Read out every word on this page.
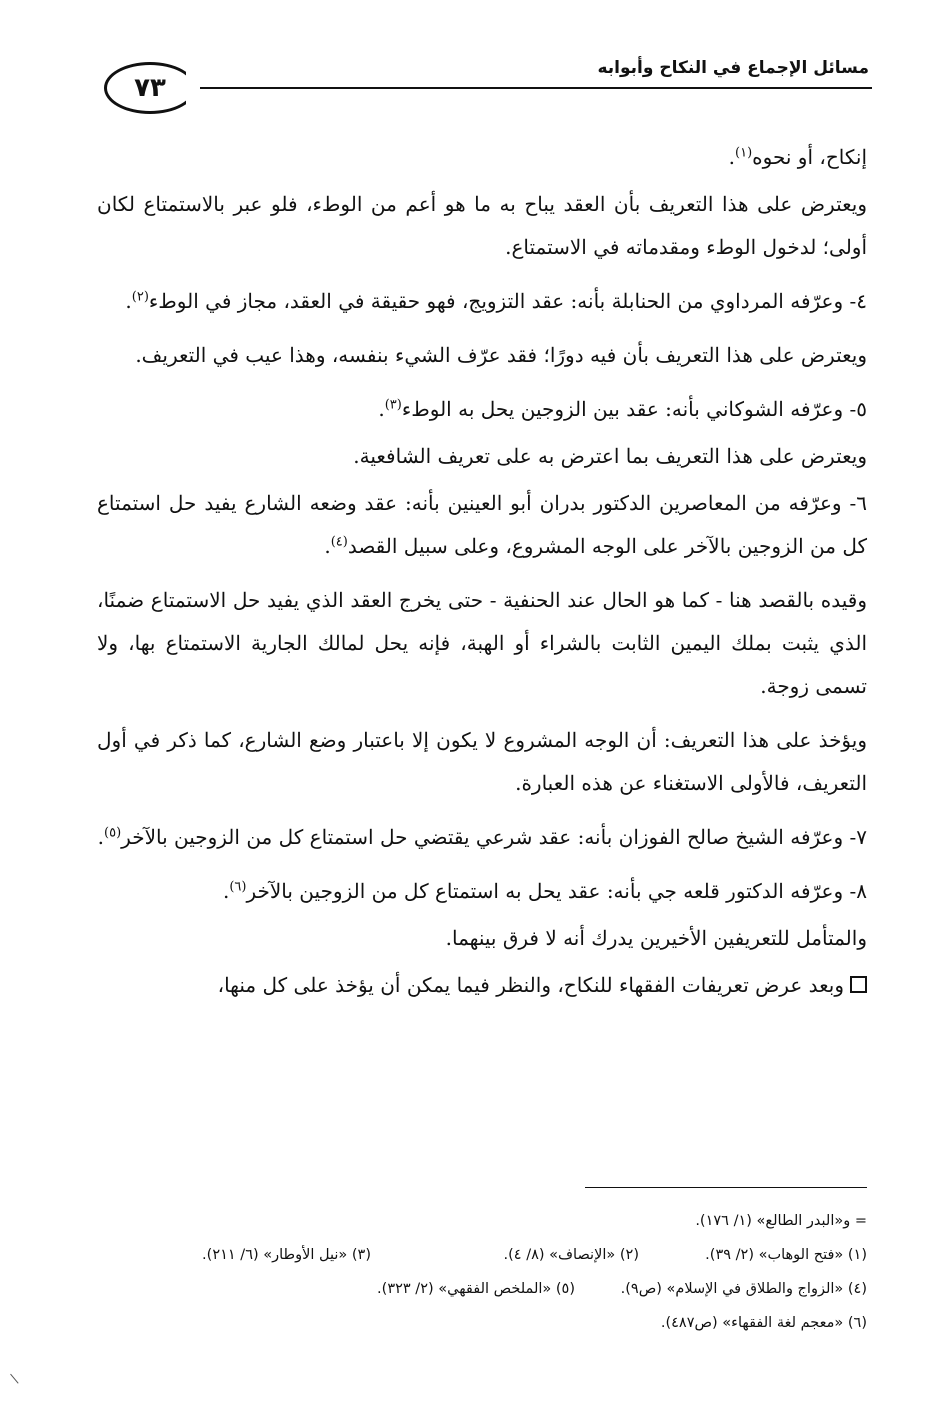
مسائل الإجماع في النكاح وأبوابه
٧٣

إنكاح، أو نحوه$^{(١)}$.

ويعترض على هذا التعريف بأن العقد يباح به ما هو أعم من الوطء، فلو عبر بالاستمتاع لكان أولى؛ لدخول الوطء ومقدماته في الاستمتاع.

٤- وعرّفه المرداوي من الحنابلة بأنه: عقد التزويج، فهو حقيقة في العقد، مجاز في الوطء$^{(٢)}$.

ويعترض على هذا التعريف بأن فيه دورًا؛ فقد عرّف الشيء بنفسه، وهذا عيب في التعريف.

٥- وعرّفه الشوكاني بأنه: عقد بين الزوجين يحل به الوطء$^{(٣)}$.

ويعترض على هذا التعريف بما اعترض به على تعريف الشافعية.

٦- وعرّفه من المعاصرين الدكتور بدران أبو العينين بأنه: عقد وضعه الشارع يفيد حل استمتاع كل من الزوجين بالآخر على الوجه المشروع، وعلى سبيل القصد$^{(٤)}$.

وقيده بالقصد هنا - كما هو الحال عند الحنفية - حتى يخرج العقد الذي يفيد حل الاستمتاع ضمنًا، الذي يثبت بملك اليمين الثابت بالشراء أو الهبة، فإنه يحل لمالك الجارية الاستمتاع بها، ولا تسمى زوجة.

ويؤخذ على هذا التعريف: أن الوجه المشروع لا يكون إلا باعتبار وضع الشارع، كما ذكر في أول التعريف، فالأولى الاستغناء عن هذه العبارة.

٧- وعرّفه الشيخ صالح الفوزان بأنه: عقد شرعي يقتضي حل استمتاع كل من الزوجين بالآخر$^{(٥)}$.

٨- وعرّفه الدكتور قلعه جي بأنه: عقد يحل به استمتاع كل من الزوجين بالآخر$^{(٦)}$.

والمتأمل للتعريفين الأخيرين يدرك أنه لا فرق بينهما.

وبعد عرض تعريفات الفقهاء للنكاح، والنظر فيما يمكن أن يؤخذ على كل منها،

= و«البدر الطالع» (١/ ١٧٦).
(١) «فتح الوهاب» (٢/ ٣٩).
(٢) «الإنصاف» (٨/ ٤).
(٣) «نيل الأوطار» (٦/ ٢١١).
(٤) «الزواج والطلاق في الإسلام» (ص٩).
(٥) «الملخص الفقهي» (٢/ ٣٢٣).
(٦) «معجم لغة الفقهاء» (ص٤٨٧).
